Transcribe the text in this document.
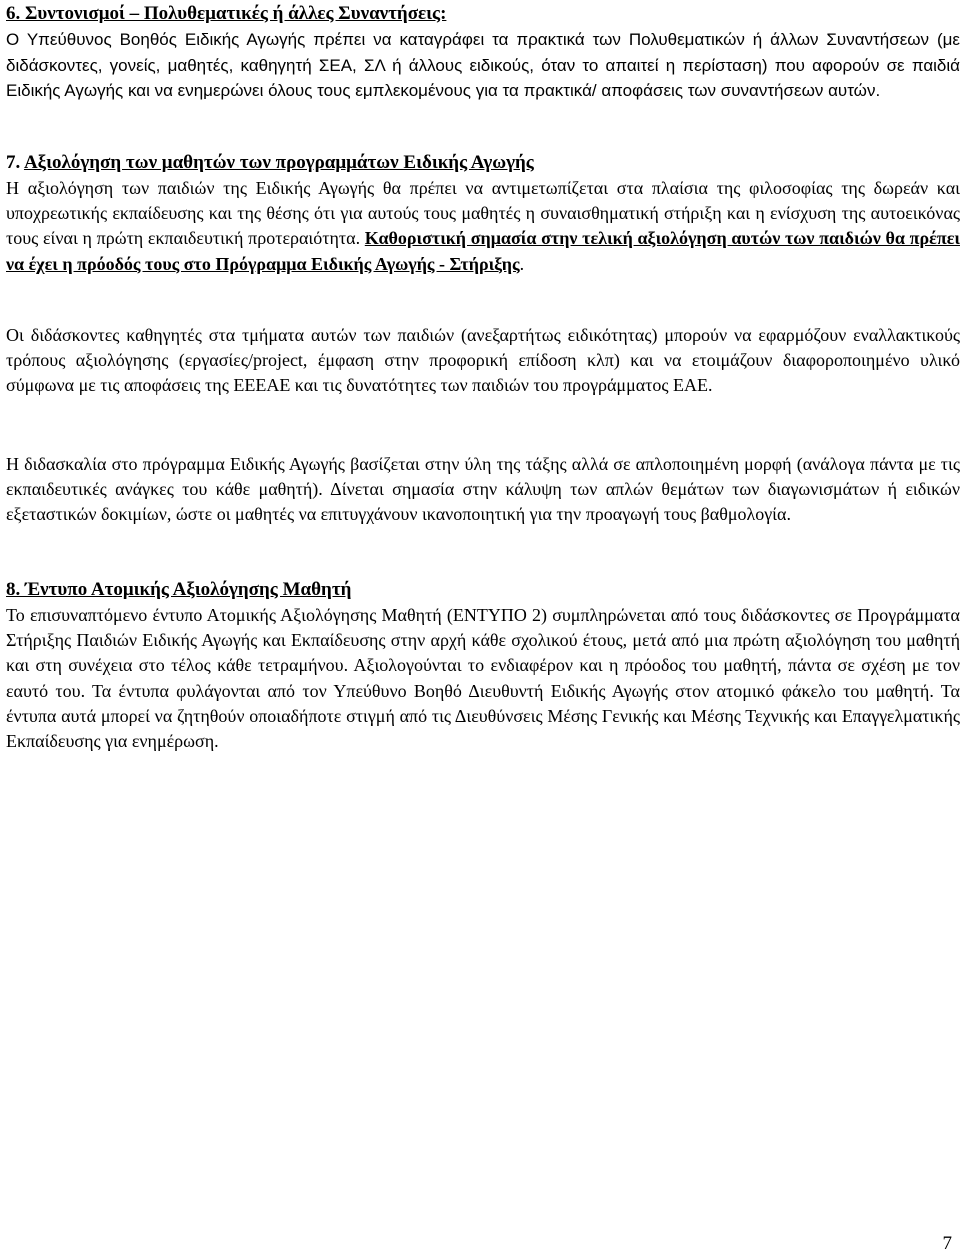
6. Συντονισμοί – Πολυθεματικές ή άλλες Συναντήσεις:

Ο Υπεύθυνος Βοηθός Ειδικής Αγωγής πρέπει να καταγράφει τα πρακτικά των Πολυθεματικών ή άλλων Συναντήσεων (με διδάσκοντες, γονείς, μαθητές, καθηγητή ΣΕΑ, ΣΛ ή άλλους ειδικούς, όταν το απαιτεί η περίσταση) που αφορούν σε παιδιά Ειδικής Αγωγής και να ενημερώνει όλους τους εμπλεκομένους για τα πρακτικά/ αποφάσεις των συναντήσεων αυτών.

7. Αξιολόγηση των μαθητών των προγραμμάτων Ειδικής Αγωγής

Η αξιολόγηση των παιδιών της Ειδικής Αγωγής θα πρέπει να αντιμετωπίζεται στα πλαίσια της φιλοσοφίας της δωρεάν και υποχρεωτικής εκπαίδευσης και της θέσης ότι για αυτούς τους μαθητές η συναισθηματική στήριξη και η ενίσχυση της αυτοεικόνας τους είναι η πρώτη εκπαιδευτική προτεραιότητα. Καθοριστική σημασία στην τελική αξιολόγηση αυτών των παιδιών θα πρέπει να έχει η πρόοδός τους στο Πρόγραμμα Ειδικής Αγωγής - Στήριξης.

Οι διδάσκοντες καθηγητές στα τμήματα αυτών των παιδιών (ανεξαρτήτως ειδικότητας) μπορούν να εφαρμόζουν εναλλακτικούς τρόπους αξιολόγησης (εργασίες/project, έμφαση στην προφορική επίδοση κλπ) και να ετοιμάζουν διαφοροποιημένο υλικό σύμφωνα με τις αποφάσεις της ΕΕΕΑΕ και τις δυνατότητες των παιδιών του προγράμματος ΕΑΕ.

Η διδασκαλία στο πρόγραμμα Ειδικής Αγωγής βασίζεται στην ύλη της τάξης αλλά σε απλοποιημένη μορφή (ανάλογα πάντα με τις εκπαιδευτικές ανάγκες του κάθε μαθητή). Δίνεται σημασία στην κάλυψη των απλών θεμάτων των διαγωνισμάτων ή ειδικών εξεταστικών δοκιμίων, ώστε οι μαθητές να επιτυγχάνουν ικανοποιητική για την προαγωγή τους βαθμολογία.

8. Έντυπο Ατομικής Αξιολόγησης Μαθητή

Το επισυναπτόμενο έντυπο Ατομικής Αξιολόγησης Μαθητή (ΕΝΤΥΠΟ 2) συμπληρώνεται από τους διδάσκοντες σε Προγράμματα Στήριξης Παιδιών Ειδικής Αγωγής και Εκπαίδευσης στην αρχή κάθε σχολικού έτους, μετά από μια πρώτη αξιολόγηση του μαθητή και στη συνέχεια στο τέλος κάθε τετραμήνου. Αξιολογούνται το ενδιαφέρον και η πρόοδος του μαθητή, πάντα σε σχέση με τον εαυτό του. Τα έντυπα φυλάγονται από τον Υπεύθυνο Βοηθό Διευθυντή Ειδικής Αγωγής στον ατομικό φάκελο του μαθητή. Τα έντυπα αυτά μπορεί να ζητηθούν οποιαδήποτε στιγμή από τις Διευθύνσεις Μέσης Γενικής και Μέσης Τεχνικής και Επαγγελματικής Εκπαίδευσης για ενημέρωση.

7
